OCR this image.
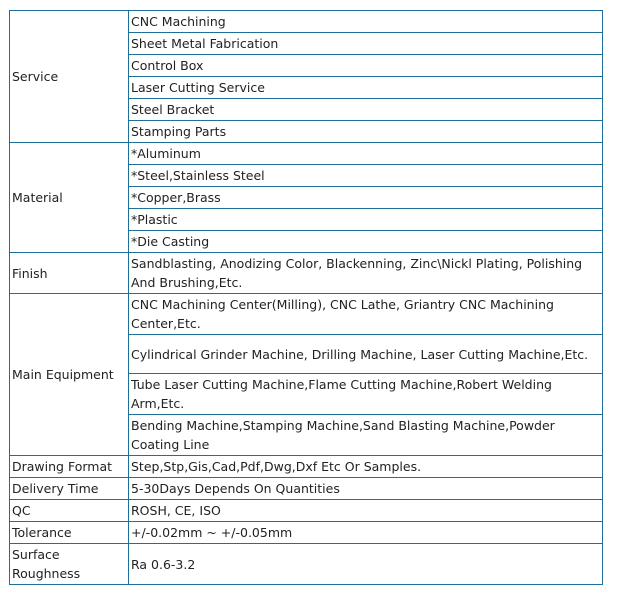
Service	CNC Machining
	Sheet Metal Fabrication
	Control Box
	Laser Cutting Service
	Steel Bracket
	Stamping Parts
Material	*Aluminum
	*Steel,Stainless Steel
	*Copper,Brass
	*Plastic
	*Die Casting
Finish	Sandblasting, Anodizing Color, Blackenning, Zinc\Nickl Plating, Polishing And Brushing,Etc.
Main Equipment	CNC Machining Center(Milling), CNC Lathe, Griantry CNC Machining Center,Etc.
	Cylindrical Grinder Machine, Drilling Machine, Laser Cutting Machine,Etc.
	Tube Laser Cutting Machine,Flame Cutting Machine,Robert Welding Arm,Etc.
	Bending Machine,Stamping Machine,Sand Blasting Machine,Powder Coating Line
Drawing Format	Step,Stp,Gis,Cad,Pdf,Dwg,Dxf Etc Or Samples.
Delivery Time	5-30Days Depends On Quantities
QC	ROSH, CE, ISO
Tolerance	+/-0.02mm ~ +/-0.05mm
Surface Roughness	Ra 0.6-3.2
